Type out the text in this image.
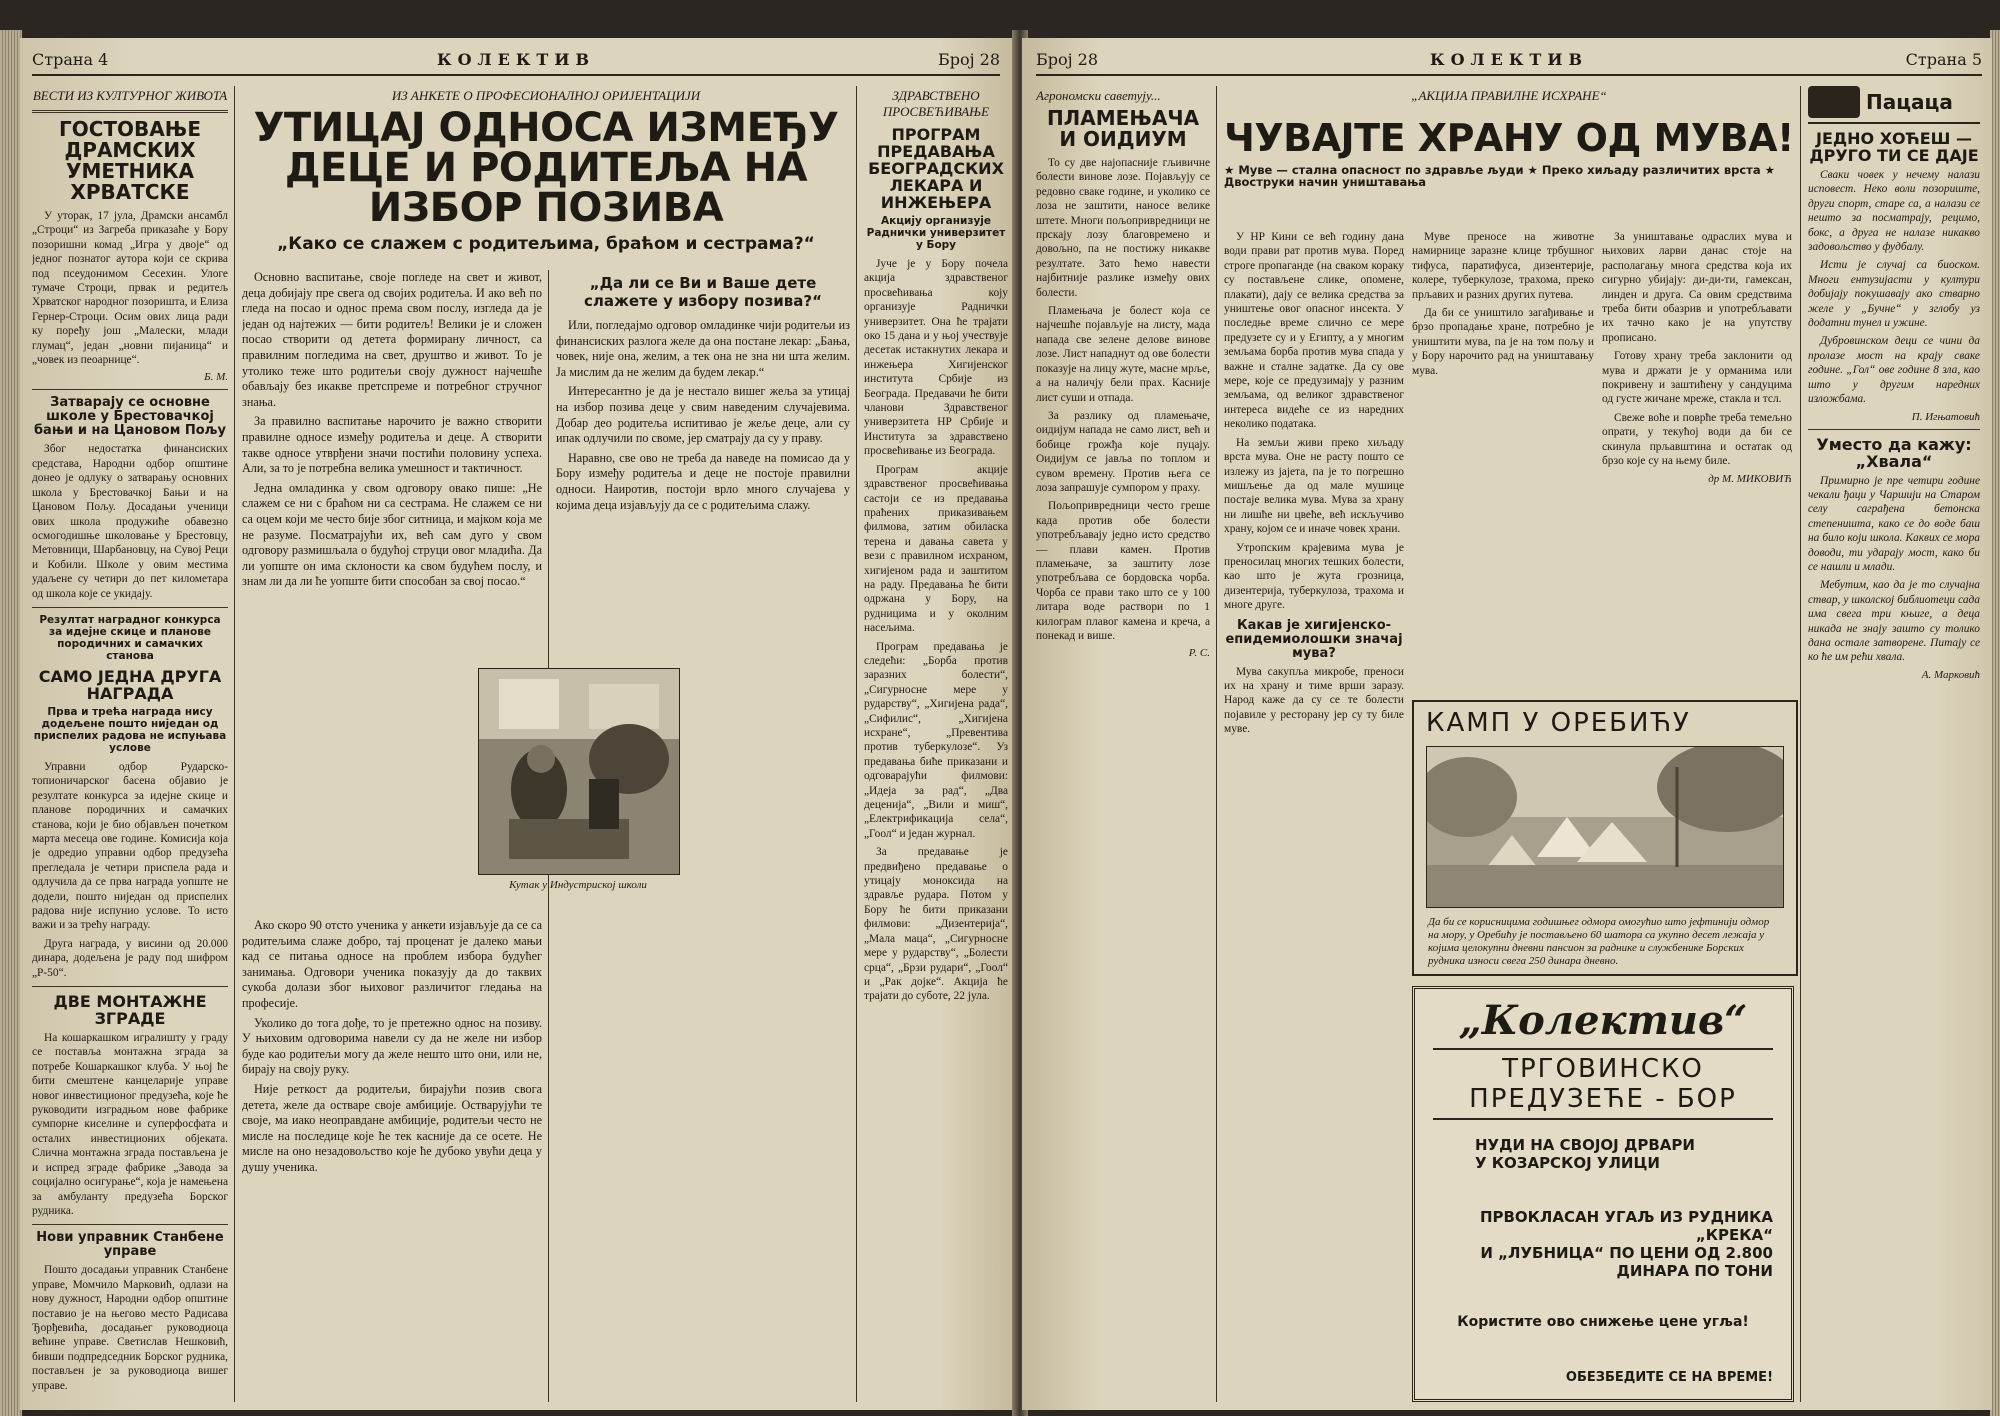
Страна 4	КОЛЕКТИВ	Број 28
ВЕСТИ ИЗ КУЛТУРНОГ ЖИВОТА
ГОСТОВАЊЕ ДРАМСКИХ УМЕТНИКА ХРВАТСКЕ

У уторак, 17 јула, Драмски ансамбл „Строци“ из Загреба приказаће у Бору позоришни комад „Игра у двоје“ од једног познатог аутора који се скрива под псеудонимом Сесехин. Улоге тумаче Строци, првак и редитељ Хрватског народног позоришта, и Елиза Гернер-Строци. Осим ових лица ради ку поређу још „Малески, млади глумац“, један „новни пијаница“ и „човек из пеоарнице“.

Б. М.
Затварају се основне школе у Брестовачкој бањи и на Цановом Пољу

Због недостатка финансиских средстава, Народни одбор општине донео је одлуку о затварању основних школа у Брестовачкој Бањи и на Цановом Пољу. Досадањи ученици ових школа продужиће обавезно осмогодишње школовање у Брестовцу, Метовници, Шарбановцу, на Сувој Реци и Кобили. Школе у овим местима удаљене су четири до пет километара од школа које се укидају.

Резултат наградног конкурса за идејне скице и планове породичних и самачких станова
САМО ЈЕДНА ДРУГА НАГРАДА
Прва и трећа награда нису додељене пошто ниједан од приспелих радова не испуњава услове

Управни одбор Рударско-топионичарског басена објавио је резултате конкурса за идејне скице и планове породичних и самачких станова, који је био објављен почетком марта месеца ове године. Комисија која је одредио управни одбор предузећа прегледала је четири приспела рада и одлучила да се прва награда уопште не додели, пошто ниједан од приспелих радова није испунио услове. То исто важи и за трећу награду.

Друга награда, у висини од 20.000 динара, додељена је раду под шифром „Р-50“.

ДВЕ МОНТАЖНЕ ЗГРАДЕ

На кошаркашком игралишту у граду се поставља монтажна зграда за потребе Кошаркашког клуба. У њој ће бити смештене канцеларије управе новог инвестиционог предузећа, које ће руководити изградњом нове фабрике сумпорне киселине и суперфосфата и осталих инвестиционих објеката. Слична монтажна зграда постављена је и испред зграде фабрике „Завода за социјално осигурање“, која је намењена за амбуланту предузећа Борског рудника.

Нови управник Станбене управе

Пошто досадањи управник Станбене управе, Момчило Марковић, одлази на нову дужност, Народни одбор општине поставио је на његово место Радисава Ђорђевића, досадањег руководиоца већине управе. Светислав Нешковић, бивши подпредседник Борског рудника, постављен је за руководиоца вишег управе.

ИЗ АНКЕТЕ О ПРОФЕСИОНАЛНОЈ ОРИЈЕНТАЦИЈИ
УТИЦАЈ ОДНОСА ИЗМЕЂУ ДЕЦЕ И РОДИТЕЉА НА ИЗБОР ПОЗИВА
„Како се слажем с родитељима, браћом и сестрама?“

Основно васпитање, своје погледе на свет и живот, деца добијају пре свега од својих родитеља. И ако већ по гледа на посао и однос према свом послу, изгледа да је један од најтежих — бити родитељ! Велики је и сложен посао створити од детета формирану личност, са правилним погледима на свет, друштво и живот. То је утолико теже што родитељи своју дужност најчешће обављају без икакве претспреме и потребног стручног знања.

За правилно васпитање нарочито је важно створити правилне односе између родитеља и деце. А створити такве односе утврђени значи постићи половину успеха. Али, за то је потребна велика умешност и тактичност.

Једна омладинка у свом одговору овако пише: „Не слажем се ни с браћом ни са сестрама. Не слажем се ни са оцем који ме често бије због ситница, и мајком која ме не разуме. Посматрајући их, већ сам дуго у свом одговору размишљала о будућој струци овог младића. Да ли уопште он има склоности ка свом будућем послу, и знам ли да ли ће уопште бити способан за свој посао.“

„Да ли се Ви и Ваше дете слажете у избору позива?“

Или, погледајмо одговор омладинке чији родитељи из финансиских разлога желе да она постане лекар: „Бања, човек, није она, желим, а тек она не зна ни шта желим. Ја мислим да не желим да будем лекар.“

Интересантно је да је нестало вишег жеља за утицај на избор позива деце у свим наведеним случајевима. Добар део родитеља испитивао је жеље деце, али су ипак одлучили по своме, јер сматрају да су у праву.

Наравно, све ово не треба да наведе на помисао да у Бору између родитеља и деце не постоје правилни односи. Наиротив, постоји врло много случајева у којима деца изјављују да се с родитељима слажу.

Кутак у Индустриској школи

Ако скоро 90 отсто ученика у анкети изјављује да се са родитељима слаже добро, тај проценат је далеко мањи кад се питања односе на проблем избора будућег занимања. Одговори ученика показују да до таквих сукоба долази због њиховог различитог гледања на професије.

Уколико до тога дође, то је претежно однос на позиву. У њиховим одговорима навели су да не желе ни избор буде као родитељи могу да желе нешто што они, или не, бирају на своју руку.

Није реткост да родитељи, бирајући позив свога детета, желе да остваре своје амбиције. Остварујући те своје, ма иако неоправдане амбиције, родитељи често не мисле на последице које ће тек касније да се осете. Не мисле на оно незадовољство које ће дубоко увући деца у душу ученика.

ЗДРАВСТВЕНО ПРОСВЕЋИВАЊЕ
ПРОГРАМ ПРЕДАВАЊА БЕОГРАДСКИХ ЛЕКАРА И ИНЖЕЊЕРА
Акцију организује Раднички универзитет у Бору

Јуче је у Бору почела акција здравственог просвећивања коју организује Раднички универзитет. Она ће трајати око 15 дана и у њој учествује десетак истакнутих лекара и инжењера Хигијенског института Србије из Београда. Предавачи ће бити чланови Здравственог универзитета НР Србије и Института за здравствено просвећивање из Београда.

Програм акције здравственог просвећивања састоји се из предавања праћених приказивањем филмова, затим обиласка терена и давања савета у вези с правилном исхраном, хигијеном рада и заштитом на раду. Предавања ће бити одржана у Бору, на рудницима и у околним насељима.

Програм предавања је следећи: „Борба против заразних болести“, „Сигурносне мере у рударству“, „Хигијена рада“, „Сифилис“, „Хигијена исхране“, „Превентива против туберкулозе“. Уз предавања биће приказани и одговарајући филмови: „Идеја за рад“, „Два деценија“, „Вили и миш“, „Електрификација села“, „Гоол“ и један журнал.

За предавање је предвиђено предавање о утицају моноксида на здравље рудара. Потом у Бору ће бити приказани филмови: „Дизентерија“, „Мала маца“, „Сигурносне мере у рударству“, „Болести срца“, „Брзи рудари“, „Гоол“ и „Рак дојке“. Акција ће трајати до суботе, 22 јула.

Број 28	КОЛЕКТИВ	Страна 5
Агрономски саветују...
ПЛАМЕЊАЧА И ОИДИУМ

То су две најопасније гљивичне болести винове лозе. Појављују се редовно сваке године, и уколико се лоза не заштити, наносе велике штете. Многи пољопривредници не прскају лозу благовремено и довољно, па не постижу никакве резултате. Зато ћемо навести најбитније разлике између ових болести.

Пламењача је болест која се најчешће појављује на листу, мада напада све зелене делове винове лозе. Лист нападнут од ове болести показује на лицу жуте, масне мрље, а на наличју бели прах. Касније лист суши и отпада.

За разлику од пламењаче, оидијум напада не само лист, већ и бобице грожђа које пуцају. Оидијум се јавља по топлом и сувом времену. Против њега се лоза запрашује сумпором у праху.

Пољопривредници често греше када против обе болести употребљавају једно исто средство — плави камен. Против пламењаче, за заштиту лозе употребљава се бордовска чорба. Чорба се прави тако што се у 100 литара воде раствори по 1 килограм плавог камена и креча, а понекад и више.

Р. С.
„АКЦИЈА ПРАВИЛНЕ ИСХРАНЕ“
ЧУВАЈТЕ ХРАНУ ОД МУВА!
★ Муве — стална опасност по здравље људи ★ Преко хиљаду различитих врста ★ Двоструки начин уништавања

У НР Кини се већ годину дана води прави рат против мува. Поред строге пропаганде (на сваком кораку су постављене слике, опомене, плакати), дају се велика средства за уништење овог опасног инсекта. У последње време слично се мере предузете су и у Египту, а у многим земљама борба против мува спада у важне и сталне задатке. Да су ове мере, које се предузимају у разним земљама, од великог здравственог интереса видеће се из наредних неколико података.

На земљи живи преко хиљаду врста мува. Оне не расту пошто се излежу из јајета, па је то погрешно мишљење да од мале мушице постаје велика мува. Мува за храну ни лишће ни цвеће, већ искључиво храну, којом се и иначе човек храни.

Утропским крајевима мува је преносилац многих тешких болести, као што је жута грозница, дизентерија, туберкулоза, трахома и многе друге.

Какав је хигијенско-епидемиолошки значај мува?

Мува сакупља микробе, преноси их на храну и тиме врши заразу. Народ каже да су се те болести појавиле у ресторану јер су ту биле муве.

Муве преносе на животне намирнице заразне клице трбушног тифуса, паратифуса, дизентерије, колере, туберкулозе, трахома, преко прљавих и разних других путева.

Да би се уништило загађивање и брзо пропадање хране, потребно је уништити мува, па је на том пољу и у Бору нарочито рад на уништавању мува.

За уништавање одраслих мува и њихових ларви данас стоје на располагању многа средства која их сигурно убијају: ди-ди-ти, гамексан, линден и друга. Са овим средствима треба бити обазрив и употребљавати их тачно како је на упутству прописано.

Готову храну треба заклонити од мува и држати је у орманима или покривену и заштићену у сандуцима од густе жичане мреже, стакла и тсл.

Свеже воће и поврће треба темељно опрати, у текућој води да би се скинула прљавштина и остатак од брзо које су на њему биле.

др М. МИКОВИЋ
КАМП У ОРЕБИЋУ
Да би се корисницима годишњег одмора омогућио што јефтинији одмор на мору, у Оребићу је постављено 60 шатора са укупно десет лежаја у којима целокупни дневни пансион за раднике и службенике Борских рудника износи свега 250 динара дневно.
„Колектив“
ТРГОВИНСКО ПРЕДУЗЕЋЕ - БОР
НУДИ НА СВОЈОЈ ДРВАРИ
У КОЗАРСКОЈ УЛИЦИ
ПРВОКЛАСАН УГАЉ ИЗ РУДНИКА „КРЕКА“
И „ЛУБНИЦА“ ПО ЦЕНИ ОД 2.800
ДИНАРА ПО ТОНИ
Користите ово снижење цене угља!
ОБЕЗБЕДИТЕ СЕ НА ВРЕМЕ!
Пацаца
ЈЕДНО ХОЋЕШ — ДРУГО ТИ СЕ ДАЈЕ

Сваки човек у нечему налази исповест. Неко воли позориште, други спорт, старе са, а налази се нешто за посматрају, рецимо, бокс, а друга не налазе никакво задовољство у фудбалу.

Исти је случај са биоском. Многи ентузијасти у култури добијају покушавају ако стварно желе у „Бучне“ у зглобу уз додатни тунел и ужине.

Дубровинском деци се чини да пролазе мост на крају сваке године. „Гол“ ове године 8 зла, као што у другим наредних изложбама.

П. Игњатовић
Уместо да кажу: „Хвала“

Примирно је пре четири године чекали ђаци у Чаршији на Старом селу саграђена бетонска степеништа, како се до воде баш на било који школа. Каквих се мора доводи, ти ударају мост, како би се нашли и млади.

Мебутим, као да је то случајна ствар, у школској библиотеци сада има свега три књиге, а деца никада не знају зашто су толико дана остале затворене. Питају се ко ће им рећи хвала.

А. Марковић
